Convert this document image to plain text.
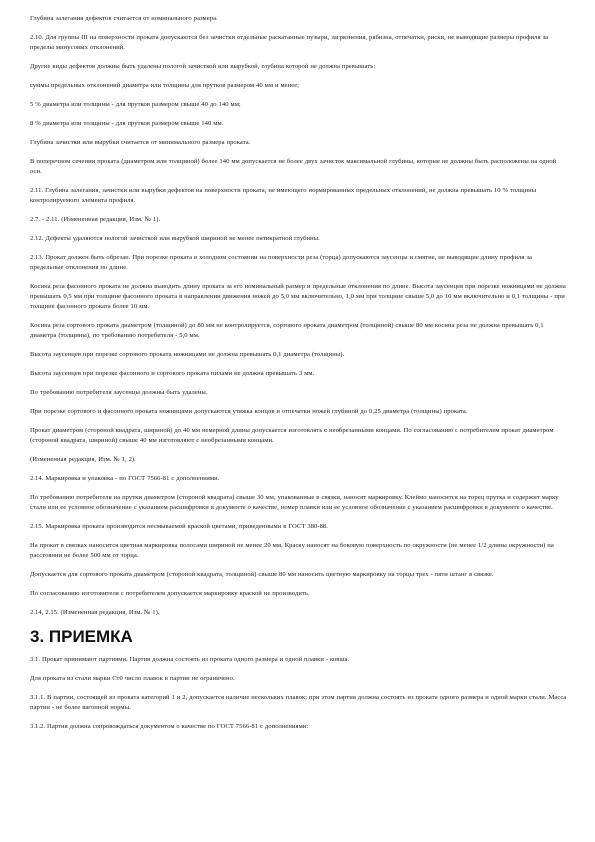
Глубина залегания дефектов считается от номинального размера.

2.10. Для группы III на поверхности проката допускаются без зачистки отдельные раскатанные пузыри, загрязнения, рябизна, отпечатки, риски, не выводящие размеры профиля за пределы минусовых отклонений.

Другие виды дефектов должны быть удалены пологой зачисткой или вырубкой, глубина которой не должна превышать:

суммы предельных отклонений диаметра или толщины для прутков размером 40 мм и менее;

5 % диаметра или толщины - для прутков размером свыше 40 до 140 мм;

8 % диаметра или толщины - для прутков размером свыше 140 мм.

Глубина зачистки или вырубки считается от минимального размера проката.

В поперечном сечении проката (диаметром или толщиной) более 140 мм допускается не более двух зачисток максимальной глубины, которые не должны быть расположены на одной оси.

2.11. Глубина залегания, зачистки или вырубки дефектов на поверхности проката, не имеющего нормированных предельных отклонений, не должна превышать 10 % толщины контролируемого элемента профиля.

2.7. - 2.11. (Измененная редакция, Изм. № 1).

2.12. Дефекты удаляются пологой зачисткой или вырубкой шириной не менее пятикратной глубины.

2.13. Прокат должен быть обрезан. При порезке проката в холодном состоянии на поверхности реза (торца) допускаются заусенцы и смятие, не выводящие длину профиля за предельные отклонения по длине.

Косина реза фасонного проката не должна выводить длину проката за его номинальный размер и предельные отклонения по длине. Высота заусенцев при порезке ножницами не должна превышать 0,5 мм при толщине фасонного проката в направлении движения ножей до 5,0 мм включительно, 1,0 мм при толщине свыше 5,0 до 10 мм включительно и 0,1 толщины - при толщине фасонного проката более 10 мм.

Косина реза сортового проката диаметром (толщиной) до 80 мм не контролируется, сортового проката диаметром (толщиной) свыше 80 мм косина реза не должна превышать 0,1 диаметра (толщины), по требованию потребителя - 5,0 мм.

Высота заусенцев при порезке сортового проката ножницами не должна превышать 0,1 диаметра (толщины).

Высота заусенцев при порезке фасонного и сортового проката пилами не должна превышать 3 мм.

По требованию потребителя заусенцы должны быть удалены.

При порезке сортового и фасонного проката ножницами допускаются утяжка концов и отпечатки ножей глубиной до 0,25 диаметра (толщины) проката.

Прокат диаметром (стороной квадрата, шириной) до 40 мм немерной длины допускается изготовлять с необрезанными концами. По согласованию с потребителем прокат диаметром (стороной квадрата, шириной) свыше 40 мм изготовляют с необрезанными концами.

(Измененная редакция, Изм. № 1, 2).

2.14. Маркировка и упаковка - по ГОСТ 7566-81 с дополнениями.

По требованию потребителя на прутки диаметром (стороной квадрата) свыше 30 мм, упакованные в связки, наносят маркировку. Клеймо наносится на торец прутка и содержит марку стали или ее условное обозначение с указанием расшифровки в документе о качестве, номер плавки или ее условное обозначение с указанием расшифровки в документе о качестве.

2.15. Маркировка проката производится несмываемой краской цветами, приведенными в ГОСТ 380-88.

На прокат в связках наносится цветная маркировка полосами шириной не менее 20 мм. Краску наносят на боковую поверхность по окружности (не менее 1/2 длины окружности) на расстоянии не более 500 мм от торца.

Допускается для сортового проката диаметром (стороной квадрата, толщиной) свыше 80 мм наносить цветную маркировку на торцы трех - пяти штанг в связке.

По согласованию изготовителя с потребителем допускается маркировку краской не производить.

2.14, 2.15. (Измененная редакция, Изм. № 1).

3. ПРИЕМКА

3.1. Прокат принимают партиями. Партия должна состоять из проката одного размера и одной плавки - ковша.

Для проката из стали марки Ст0 число плавок в партии не ограничено.

3.1.1. В партии, состоящей из проката категорий 1 и 2, допускается наличие нескольких плавок; при этом партия должна состоять из проката одного размера и одной марки стали. Масса партии - не более вагонной нормы.

3.1.2. Партия должна сопровождаться документом о качестве по ГОСТ 7566-81 с дополнениями:
